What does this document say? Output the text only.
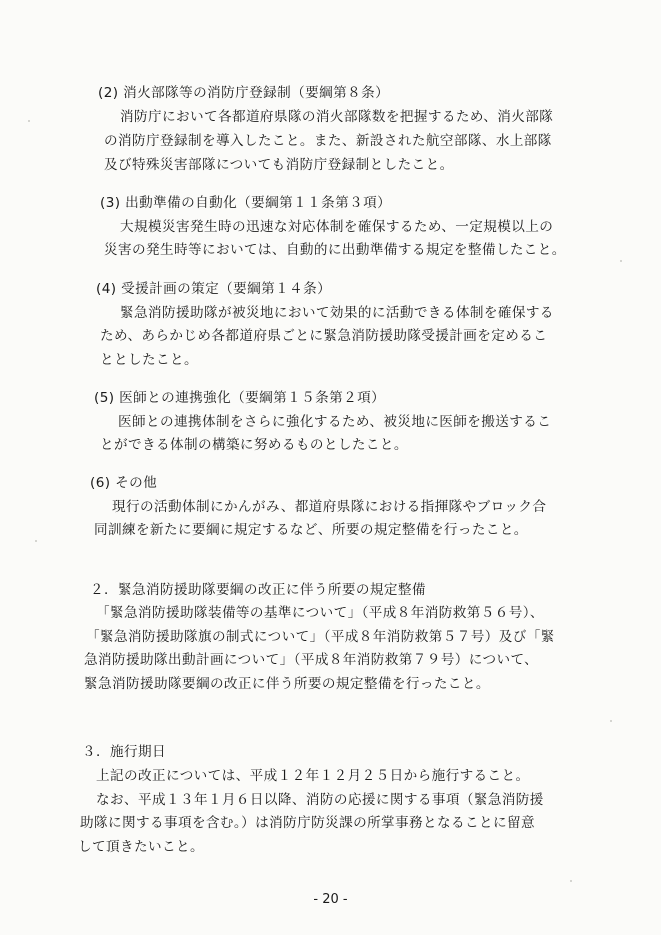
(2) 消火部隊等の消防庁登録制（要綱第８条）
消防庁において各都道府県隊の消火部隊数を把握するため、消火部隊
の消防庁登録制を導入したこと。また、新設された航空部隊、水上部隊
及び特殊災害部隊についても消防庁登録制としたこと。
(3) 出動準備の自動化（要綱第１１条第３項）
大規模災害発生時の迅速な対応体制を確保するため、一定規模以上の
災害の発生時等においては、自動的に出動準備する規定を整備したこと。
(4) 受援計画の策定（要綱第１４条）
緊急消防援助隊が被災地において効果的に活動できる体制を確保する
ため、あらかじめ各都道府県ごとに緊急消防援助隊受援計画を定めるこ
ととしたこと。
(5) 医師との連携強化（要綱第１５条第２項）
医師との連携体制をさらに強化するため、被災地に医師を搬送するこ
とができる体制の構築に努めるものとしたこと。
(6) その他
現行の活動体制にかんがみ、都道府県隊における指揮隊やブロック合
同訓練を新たに要綱に規定するなど、所要の規定整備を行ったこと。
２．緊急消防援助隊要綱の改正に伴う所要の規定整備
「緊急消防援助隊装備等の基準について」（平成８年消防救第５６号）、
「緊急消防援助隊旗の制式について」（平成８年消防救第５７号）及び「緊
急消防援助隊出動計画について」（平成８年消防救第７９号）について、
緊急消防援助隊要綱の改正に伴う所要の規定整備を行ったこと。
３．施行期日
上記の改正については、平成１２年１２月２５日から施行すること。
なお、平成１３年１月６日以降、消防の応援に関する事項（緊急消防援
助隊に関する事項を含む。）は消防庁防災課の所掌事務となることに留意
して頂きたいこと。
- 20 -
